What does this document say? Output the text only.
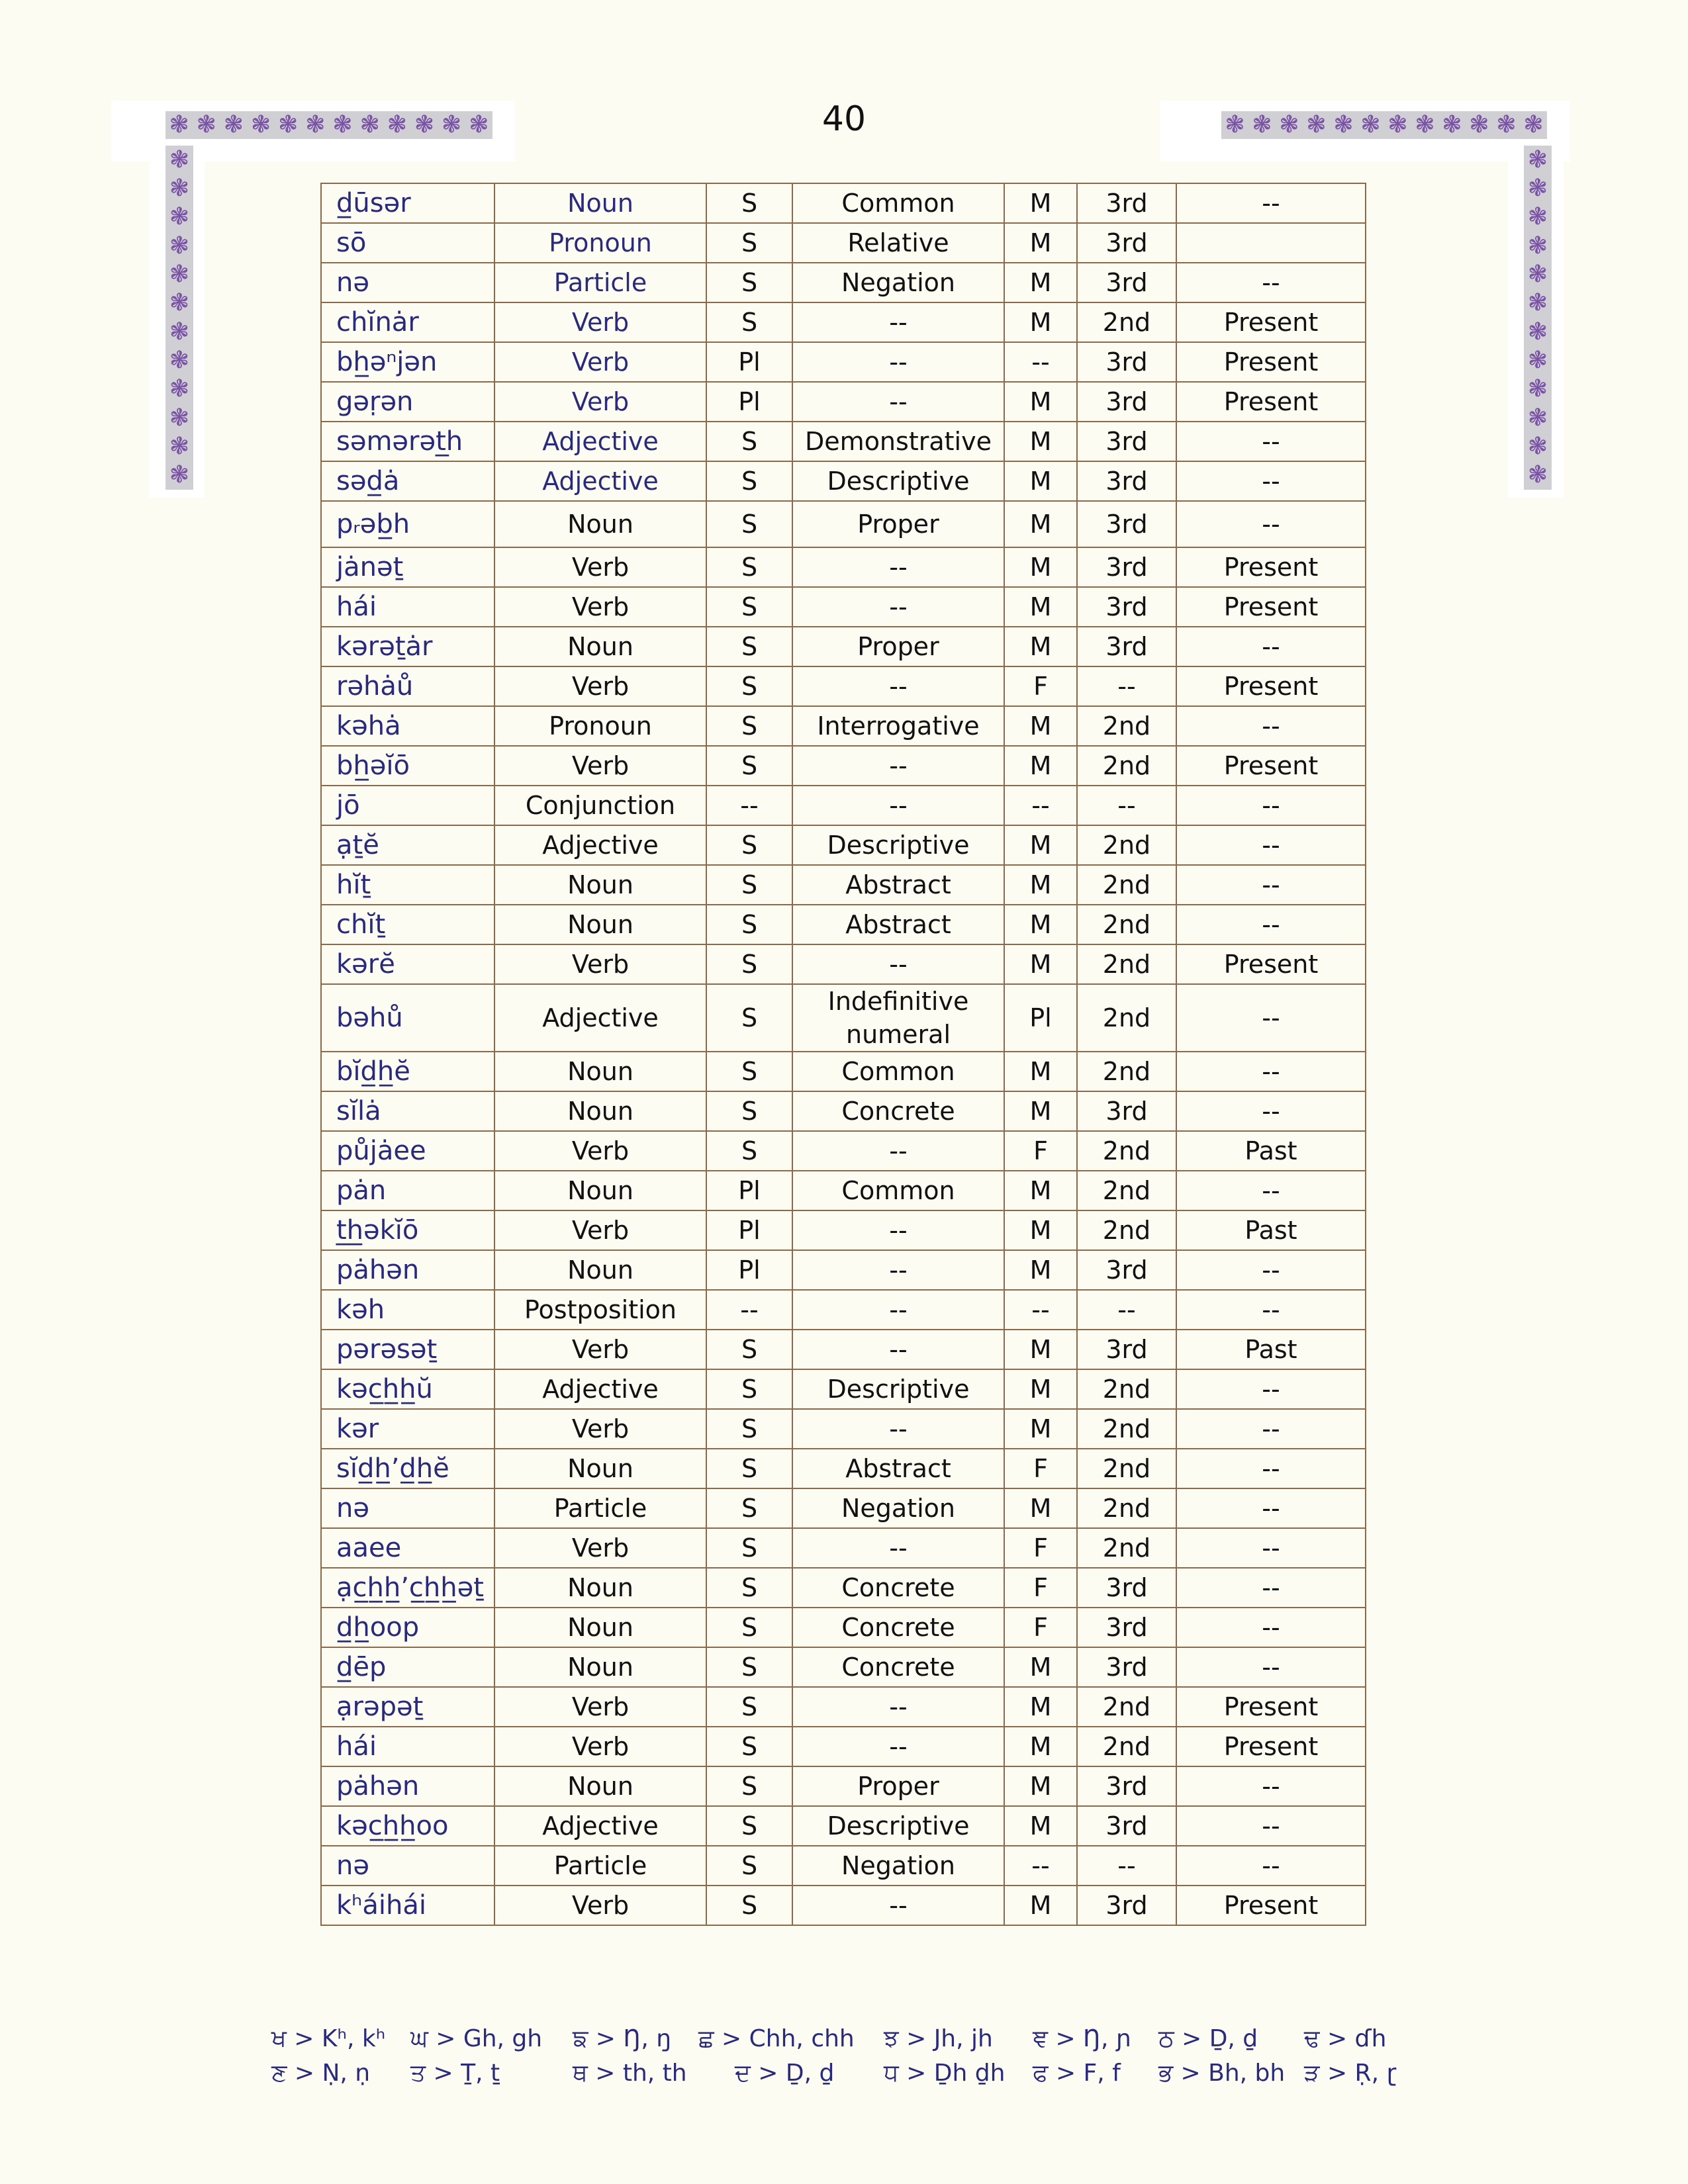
❃ ❃ ❃ ❃ ❃ ❃ ❃ ❃ ❃ ❃ ❃ ❃
❃
❃
❃
❃
❃
❃
❃
❃
❃
❃
❃
❃
❃ ❃ ❃ ❃ ❃ ❃ ❃ ❃ ❃ ❃ ❃ ❃
❃
❃
❃
❃
❃
❃
❃
❃
❃
❃
❃
❃
40
d̲ūsər	Noun	S	Common	M	3rd	--
sō	Pronoun	S	Relative	M	3rd	
nə	Particle	S	Negation	M	3rd	--
chĭnȧr	Verb	S	--	M	2nd	Present
bh̲əⁿjən	Verb	Pl	--	--	3rd	Present
gəṛən	Verb	Pl	--	M	3rd	Present
səmərət̲h	Adjective	S	Demonstrative	M	3rd	--
səd̲ȧ	Adjective	S	Descriptive	M	3rd	--
pᵣəb̲h	Noun	S	Proper	M	3rd	--
jȧnəṯ	Verb	S	--	M	3rd	Present
hái	Verb	S	--	M	3rd	Present
kərəṯȧr	Noun	S	Proper	M	3rd	--
rəhȧů	Verb	S	--	F	--	Present
kəhȧ	Pronoun	S	Interrogative	M	2nd	--
bh̲əĭō	Verb	S	--	M	2nd	Present
jō	Conjunction	--	--	--	--	--
ạṯĕ	Adjective	S	Descriptive	M	2nd	--
hĭṯ	Noun	S	Abstract	M	2nd	--
chĭṯ	Noun	S	Abstract	M	2nd	--
kərĕ	Verb	S	--	M	2nd	Present
bəhů	Adjective	S	Indefinitive numeral	Pl	2nd	--
bĭd̲h̲ĕ	Noun	S	Common	M	2nd	--
sĭlȧ	Noun	S	Concrete	M	3rd	--
půjȧee	Verb	S	--	F	2nd	Past
pȧn	Noun	Pl	Common	M	2nd	--
t̲h̲əkĭō	Verb	Pl	--	M	2nd	Past
pȧhən	Noun	Pl	--	M	3rd	--
kəh	Postposition	--	--	--	--	--
pərəsəṯ	Verb	S	--	M	3rd	Past
kəc̲h̲h̲ŭ	Adjective	S	Descriptive	M	2nd	--
kər	Verb	S	--	M	2nd	--
sĭd̲h̲’d̲h̲ĕ	Noun	S	Abstract	F	2nd	--
nə	Particle	S	Negation	M	2nd	--
aaee	Verb	S	--	F	2nd	--
ạc̲h̲h̲’c̲h̲h̲əṯ	Noun	S	Concrete	F	3rd	--
d̲h̲oop	Noun	S	Concrete	F	3rd	--
d̲ēp	Noun	S	Concrete	M	3rd	--
ạrəpəṯ	Verb	S	--	M	2nd	Present
hái	Verb	S	--	M	2nd	Present
pȧhən	Noun	S	Proper	M	3rd	--
kəc̲h̲h̲oo	Adjective	S	Descriptive	M	3rd	--
nə	Particle	S	Negation	--	--	--
kʰáihái	Verb	S	--	M	3rd	Present
ਖ > Kʰ, kʰ ਘ > Gh, gh ਙ > Ŋ, ŋ ਛ > Chh, chh ਝ > Jh, jh ਞ > Ŋ, ɲ ਠ > Ḏ, ḏ ਢ > ɗh
ਣ > Ṇ, ṇ ਤ > Ṯ, ṯ	ਥ > th, th ਦ > Ḏ, ḏ ਧ > Ḏh ḏh ਫ > F, f ਭ > Bh, bh ੜ > Ṛ, ɽ
